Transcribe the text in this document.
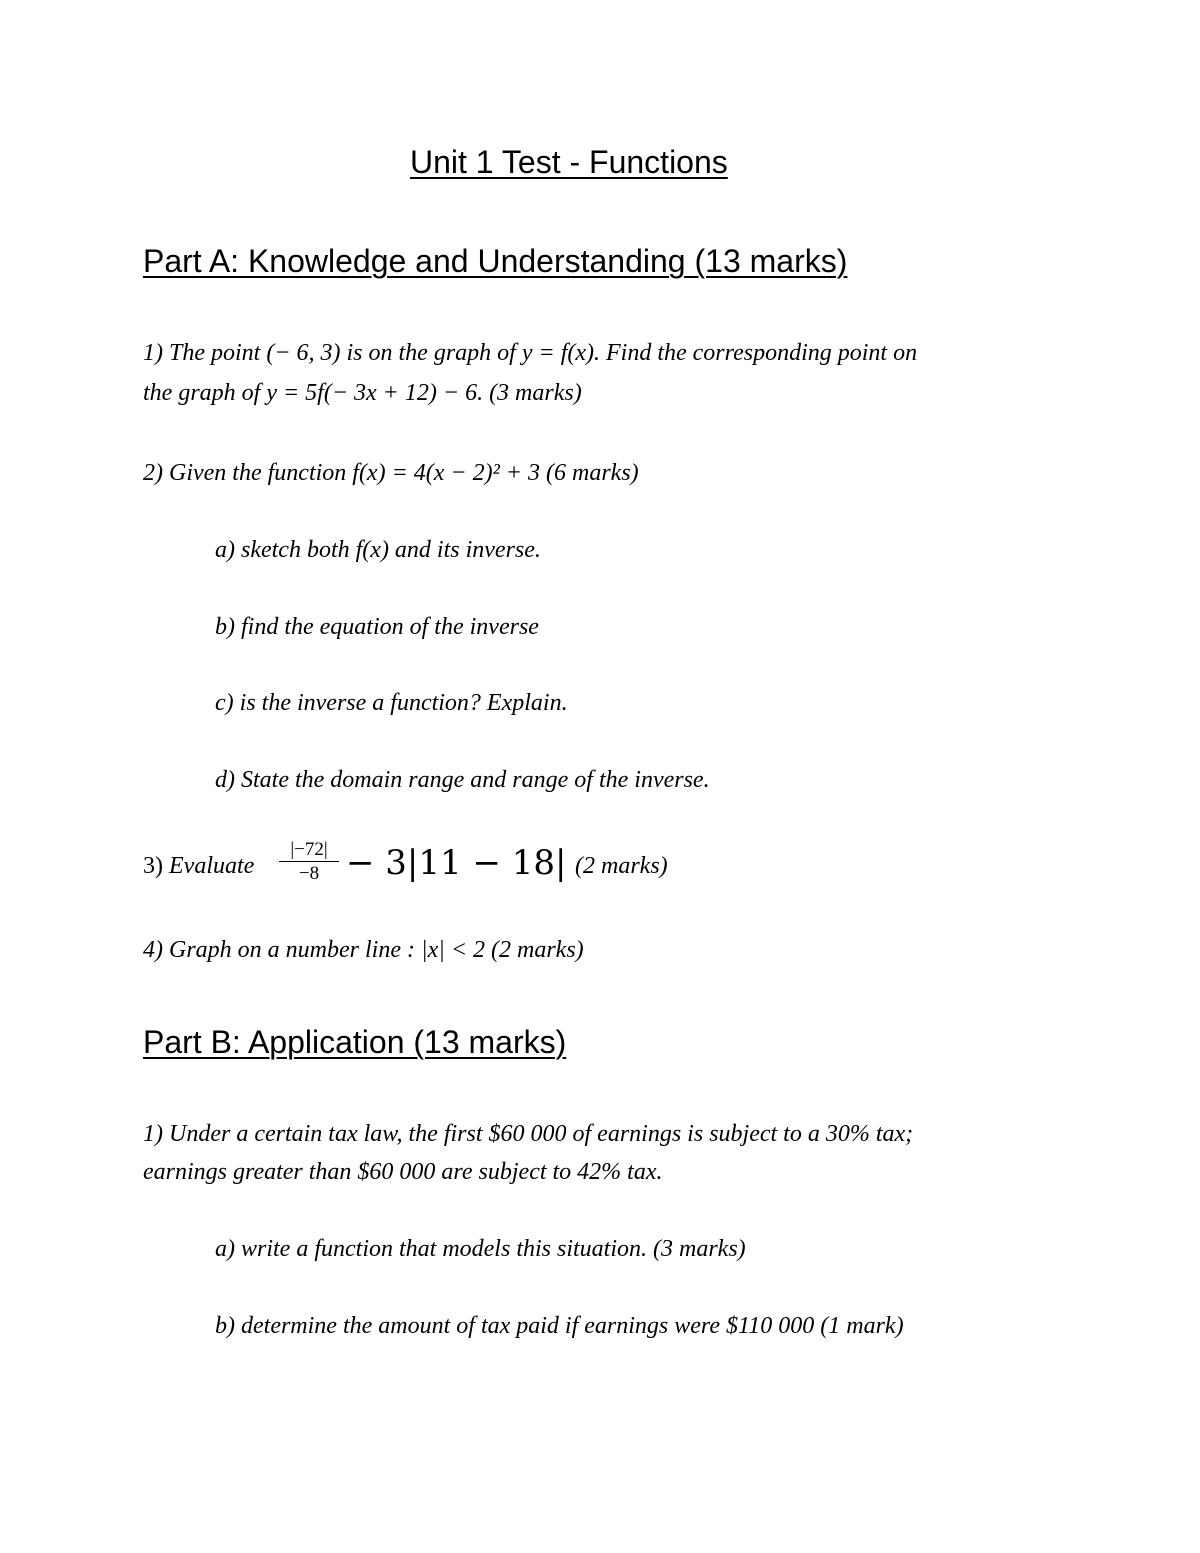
Unit 1 Test - Functions
Part A: Knowledge and Understanding (13 marks)
1) The point (− 6, 3) is on the graph of y = f(x). Find the corresponding point on
the graph of y = 5f(− 3x + 12) − 6. (3 marks)
2) Given the function f(x) = 4(x − 2)² + 3 (6 marks)
a) sketch both f(x) and its inverse.
b) find the equation of the inverse
c) is the inverse a function? Explain.
d) State the domain range and range of the inverse.
3) Evaluate $\frac{|-72|}{-8} - 3|11 - 18|$ (2 marks)
4) Graph on a number line : |x| < 2 (2 marks)
Part B: Application (13 marks)
1) Under a certain tax law, the first $60 000 of earnings is subject to a 30% tax;
earnings greater than $60 000 are subject to 42% tax.
a) write a function that models this situation. (3 marks)
b) determine the amount of tax paid if earnings were $110 000 (1 mark)
